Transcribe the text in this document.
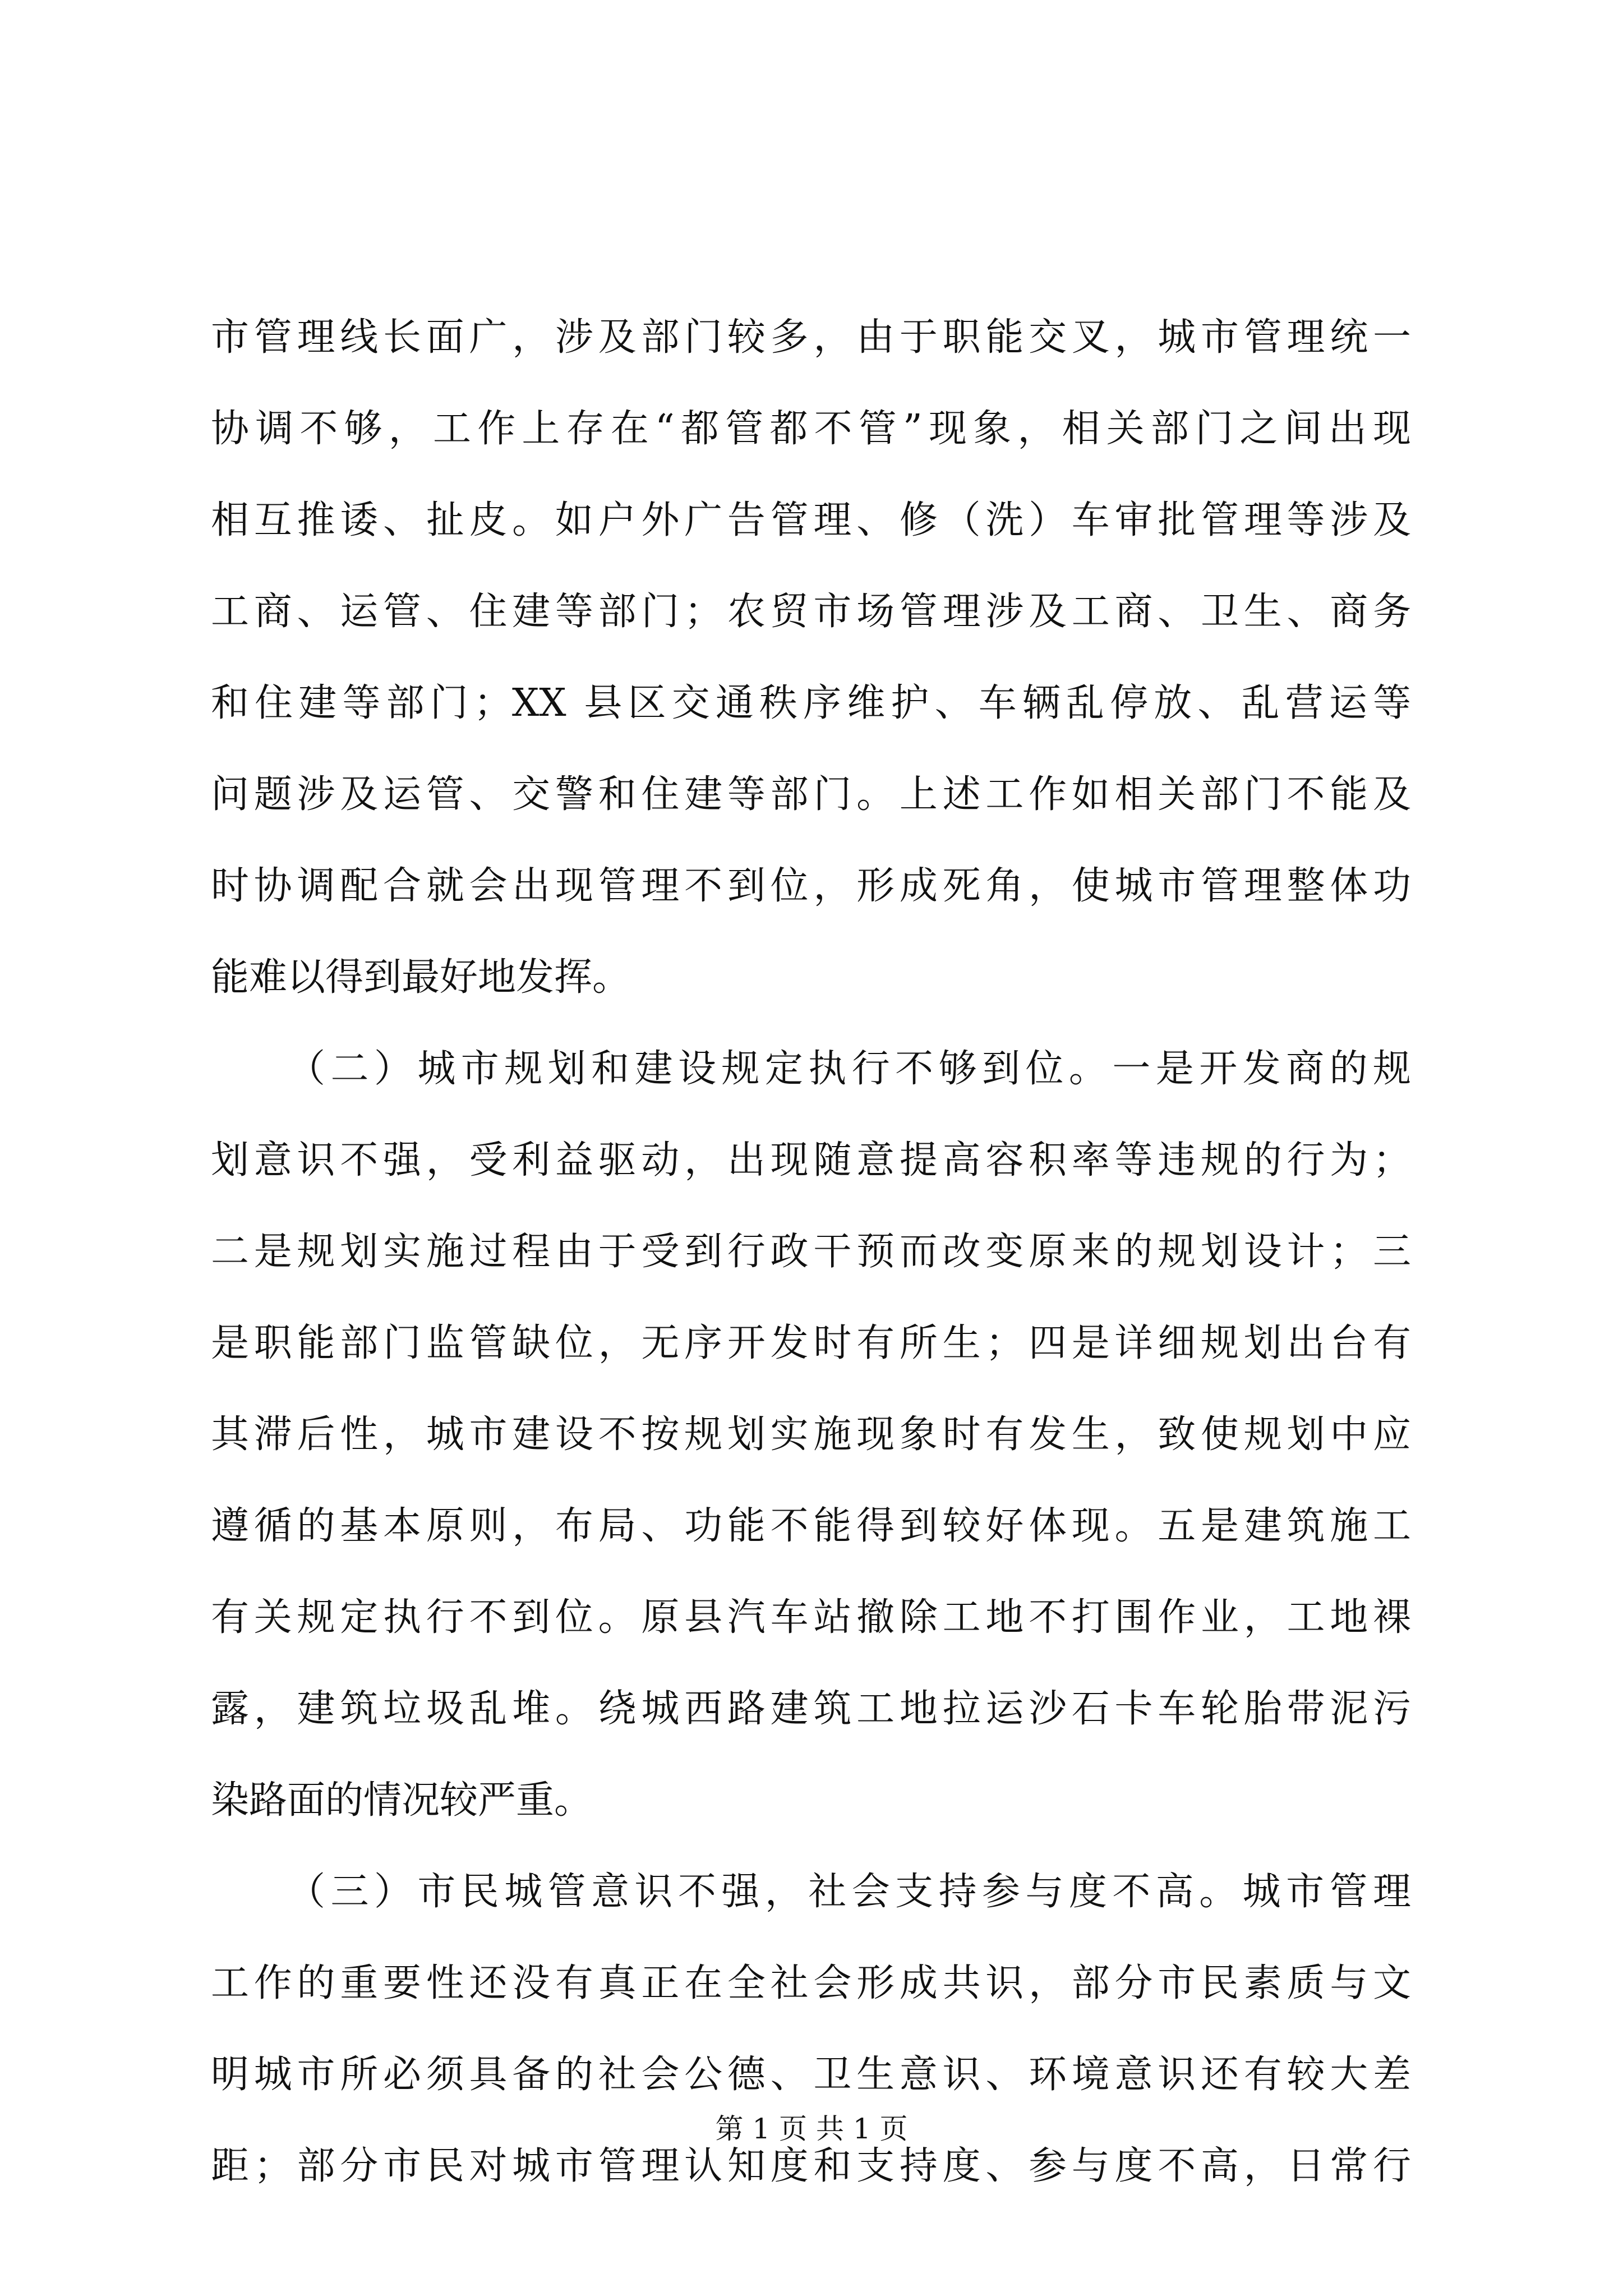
市管理线长面广，涉及部门较多，由于职能交叉，城市管理统一
协调不够，工作上存在“都管都不管”现象，相关部门之间出现
相互推诿、扯皮。如户外广告管理、修（洗）车审批管理等涉及
工商、运管、住建等部门；农贸市场管理涉及工商、卫生、商务
和住建等部门；XX 县区交通秩序维护、车辆乱停放、乱营运等
问题涉及运管、交警和住建等部门。上述工作如相关部门不能及
时协调配合就会出现管理不到位，形成死角，使城市管理整体功
能难以得到最好地发挥。
（二）城市规划和建设规定执行不够到位。一是开发商的规
划意识不强，受利益驱动，出现随意提高容积率等违规的行为；
二是规划实施过程由于受到行政干预而改变原来的规划设计；三
是职能部门监管缺位，无序开发时有所生；四是详细规划出台有
其滞后性，城市建设不按规划实施现象时有发生，致使规划中应
遵循的基本原则，布局、功能不能得到较好体现。五是建筑施工
有关规定执行不到位。原县汽车站撤除工地不打围作业，工地裸
露，建筑垃圾乱堆。绕城西路建筑工地拉运沙石卡车轮胎带泥污
染路面的情况较严重。
（三）市民城管意识不强，社会支持参与度不高。城市管理
工作的重要性还没有真正在全社会形成共识，部分市民素质与文
明城市所必须具备的社会公德、卫生意识、环境意识还有较大差
距；部分市民对城市管理认知度和支持度、参与度不高，日常行
第 1 页 共 1 页
